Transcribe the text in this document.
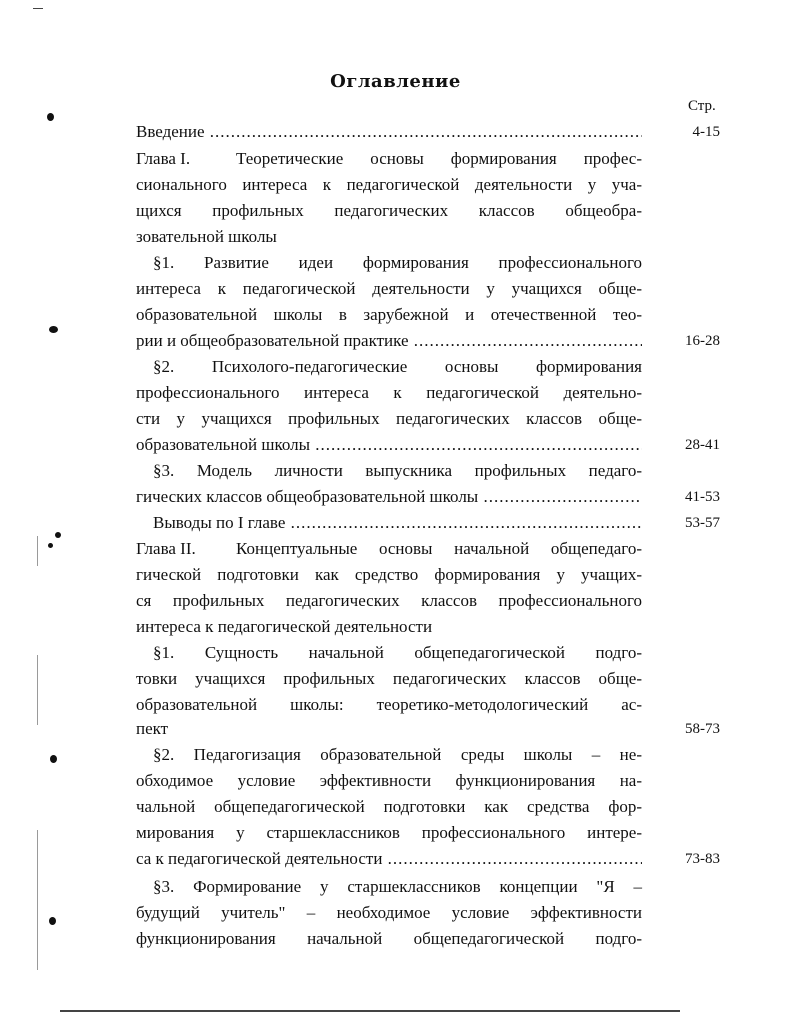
Оглавление
Стр.
Введение .....	4-15
Глава I.	Теоретические основы формирования профес-
сионального интереса к педагогической деятельности у уча-
щихся профильных педагогических классов общеобра-
зовательной школы
§1. Развитие идеи формирования профессионального
интереса к педагогической деятельности у учащихся обще-
образовательной школы в зарубежной и отечественной тео-
рии и общеобразовательной практике .....	16-28
§2. Психолого-педагогические основы формирования
профессионального интереса к педагогической деятельно-
сти у учащихся профильных педагогических классов обще-
образовательной школы .....	28-41
§3. Модель личности выпускника профильных педаго-
гических классов общеобразовательной школы .....	41-53
Выводы по I главе .....	53-57
Глава II.	Концептуальные основы начальной общепедаго-
гической подготовки как средство формирования у учащих-
ся профильных педагогических классов профессионального
интереса к педагогической деятельности
§1. Сущность начальной общепедагогической подго-
товки учащихся профильных педагогических классов обще-
образовательной школы: теоретико-методологический ас-
пект	58-73
§2. Педагогизация образовательной среды школы – не-
обходимое условие эффективности функционирования на-
чальной общепедагогической подготовки как средства фор-
мирования у старшеклассников профессионального интере-
са к педагогической деятельности .....	73-83
§3. Формирование у старшеклассников концепции "Я –
будущий учитель" – необходимое условие эффективности
функционирования начальной общепедагогической подго-
